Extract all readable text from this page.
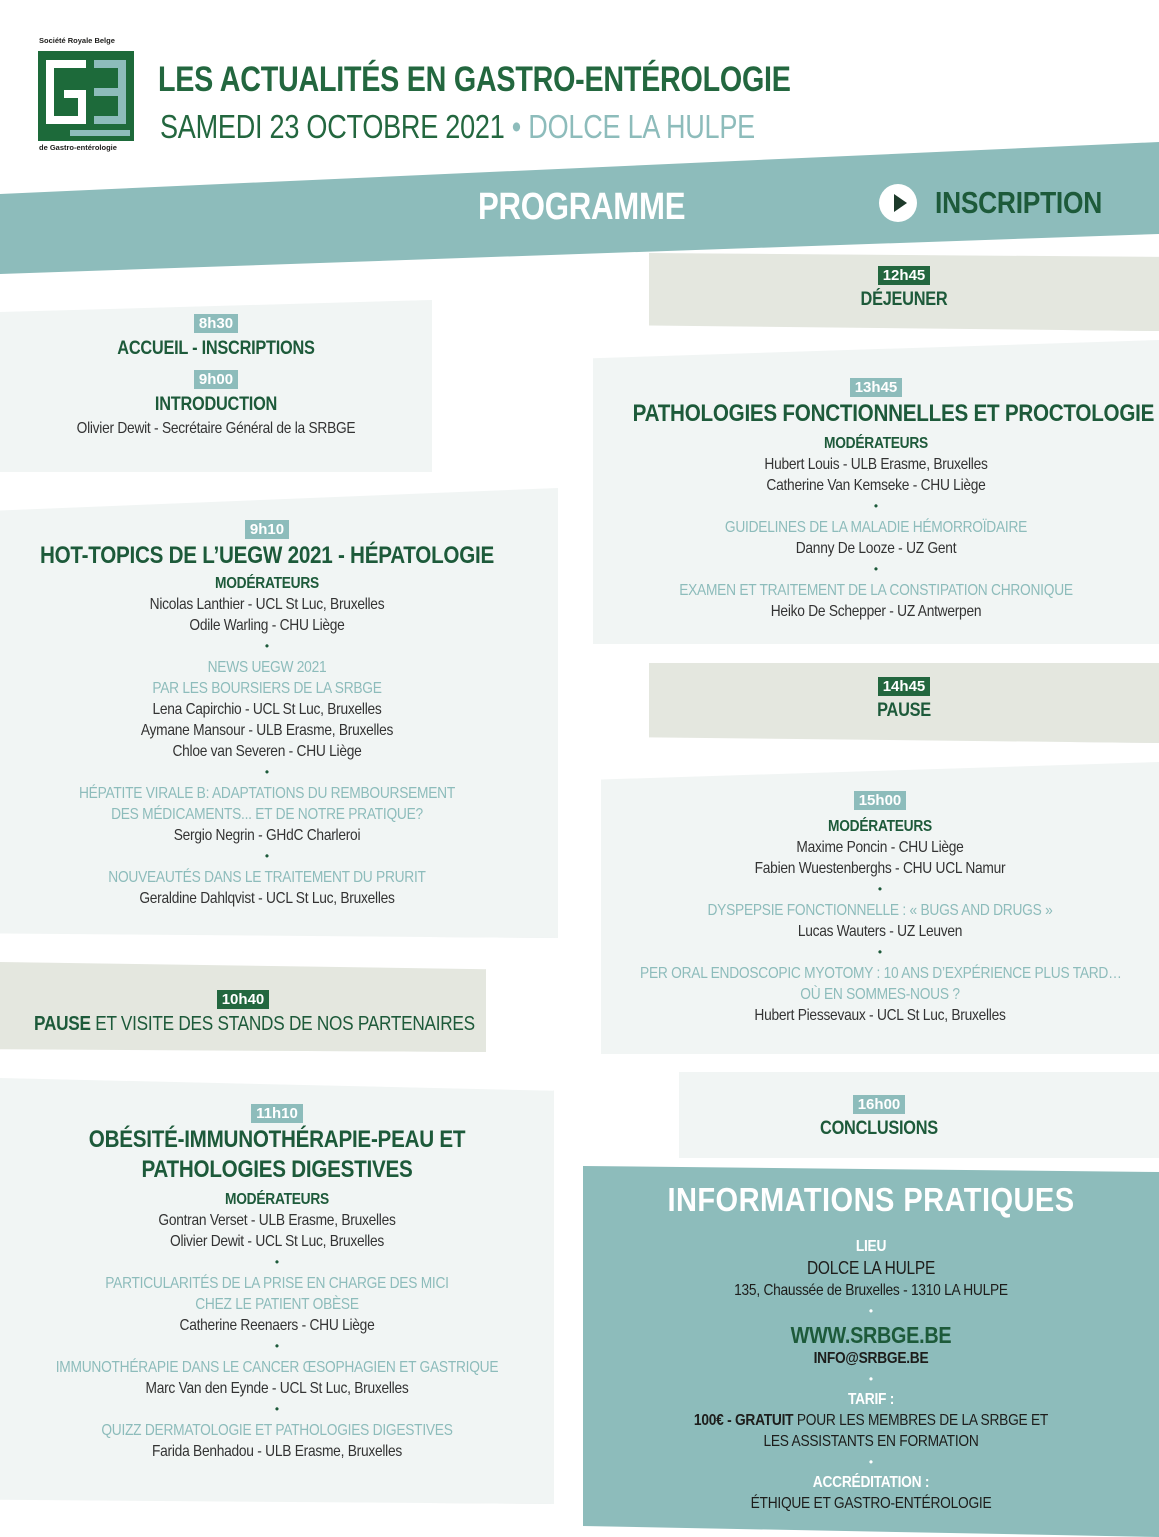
Société Royale Belge
de Gastro-entérologie
LES ACTUALITÉS EN GASTRO-ENTÉROLOGIE
SAMEDI 23 OCTOBRE 2021 • DOLCE LA HULPE
PROGRAMME	INSCRIPTION
8h30
ACCUEIL - INSCRIPTIONS
9h00
INTRODUCTION
Olivier Dewit - Secrétaire Général de la SRBGE
9h10
HOT-TOPICS DE L’UEGW 2021 - HÉPATOLOGIE
MODÉRATEURS
Nicolas Lanthier - UCL St Luc, Bruxelles
Odile Warling - CHU Liège
•
NEWS UEGW 2021
PAR LES BOURSIERS DE LA SRBGE
Lena Capirchio - UCL St Luc, Bruxelles
Aymane Mansour - ULB Erasme, Bruxelles
Chloe van Severen - CHU Liège
•
HÉPATITE VIRALE B: ADAPTATIONS DU REMBOURSEMENT
DES MÉDICAMENTS... ET DE NOTRE PRATIQUE?
Sergio Negrin - GHdC Charleroi
•
NOUVEAUTÉS DANS LE TRAITEMENT DU PRURIT
Geraldine Dahlqvist - UCL St Luc, Bruxelles
10h40
PAUSE ET VISITE DES STANDS DE NOS PARTENAIRES
11h10
OBÉSITÉ-IMMUNOTHÉRAPIE-PEAU ET
PATHOLOGIES DIGESTIVES
MODÉRATEURS
Gontran Verset - ULB Erasme, Bruxelles
Olivier Dewit - UCL St Luc, Bruxelles
•
PARTICULARITÉS DE LA PRISE EN CHARGE DES MICI
CHEZ LE PATIENT OBÈSE
Catherine Reenaers - CHU Liège
•
IMMUNOTHÉRAPIE DANS LE CANCER ŒSOPHAGIEN ET GASTRIQUE
Marc Van den Eynde - UCL St Luc, Bruxelles
•
QUIZZ DERMATOLOGIE ET PATHOLOGIES DIGESTIVES
Farida Benhadou - ULB Erasme, Bruxelles
12h45
DÉJEUNER
13h45
PATHOLOGIES FONCTIONNELLES ET PROCTOLOGIE
MODÉRATEURS
Hubert Louis - ULB Erasme, Bruxelles
Catherine Van Kemseke - CHU Liège
•
GUIDELINES DE LA MALADIE HÉMORROÏDAIRE
Danny De Looze - UZ Gent
•
EXAMEN ET TRAITEMENT DE LA CONSTIPATION CHRONIQUE
Heiko De Schepper - UZ Antwerpen
14h45
PAUSE
15h00
MODÉRATEURS
Maxime Poncin - CHU Liège
Fabien Wuestenberghs - CHU UCL Namur
•
DYSPEPSIE FONCTIONNELLE : « BUGS AND DRUGS »
Lucas Wauters - UZ Leuven
•
PER ORAL ENDOSCOPIC MYOTOMY : 10 ANS D’EXPÉRIENCE PLUS TARD…
OÙ EN SOMMES-NOUS ?
Hubert Piessevaux - UCL St Luc, Bruxelles
16h00
CONCLUSIONS
INFORMATIONS PRATIQUES
LIEU
DOLCE LA HULPE
135, Chaussée de Bruxelles - 1310 LA HULPE
•
WWW.SRBGE.BE
INFO@SRBGE.BE
•
TARIF :
100€ - GRATUIT POUR LES MEMBRES DE LA SRBGE ET
LES ASSISTANTS EN FORMATION
•
ACCRÉDITATION :
ÉTHIQUE ET GASTRO-ENTÉROLOGIE
